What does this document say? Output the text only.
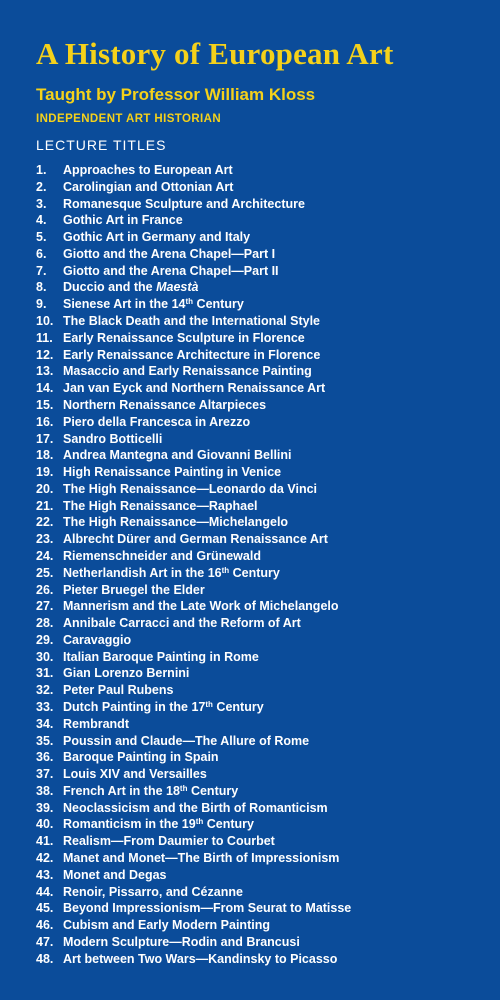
A History of European Art
Taught by Professor William Kloss
INDEPENDENT ART HISTORIAN
LECTURE TITLES
1.	Approaches to European Art
2.	Carolingian and Ottonian Art
3.	Romanesque Sculpture and Architecture
4.	Gothic Art in France
5.	Gothic Art in Germany and Italy
6.	Giotto and the Arena Chapel—Part I
7.	Giotto and the Arena Chapel—Part II
8.	Duccio and the Maestà
9.	Sienese Art in the 14th Century
10. The Black Death and the International Style
11. Early Renaissance Sculpture in Florence
12. Early Renaissance Architecture in Florence
13. Masaccio and Early Renaissance Painting
14. Jan van Eyck and Northern Renaissance Art
15. Northern Renaissance Altarpieces
16. Piero della Francesca in Arezzo
17. Sandro Botticelli
18. Andrea Mantegna and Giovanni Bellini
19. High Renaissance Painting in Venice
20. The High Renaissance—Leonardo da Vinci
21. The High Renaissance—Raphael
22. The High Renaissance—Michelangelo
23. Albrecht Dürer and German Renaissance Art
24. Riemenschneider and Grünewald
25. Netherlandish Art in the 16th Century
26. Pieter Bruegel the Elder
27. Mannerism and the Late Work of Michelangelo
28. Annibale Carracci and the Reform of Art
29. Caravaggio
30. Italian Baroque Painting in Rome
31. Gian Lorenzo Bernini
32. Peter Paul Rubens
33. Dutch Painting in the 17th Century
34. Rembrandt
35. Poussin and Claude—The Allure of Rome
36. Baroque Painting in Spain
37. Louis XIV and Versailles
38. French Art in the 18th Century
39. Neoclassicism and the Birth of Romanticism
40. Romanticism in the 19th Century
41. Realism—From Daumier to Courbet
42. Manet and Monet—The Birth of Impressionism
43. Monet and Degas
44. Renoir, Pissarro, and Cézanne
45. Beyond Impressionism—From Seurat to Matisse
46. Cubism and Early Modern Painting
47. Modern Sculpture—Rodin and Brancusi
48. Art between Two Wars—Kandinsky to Picasso
